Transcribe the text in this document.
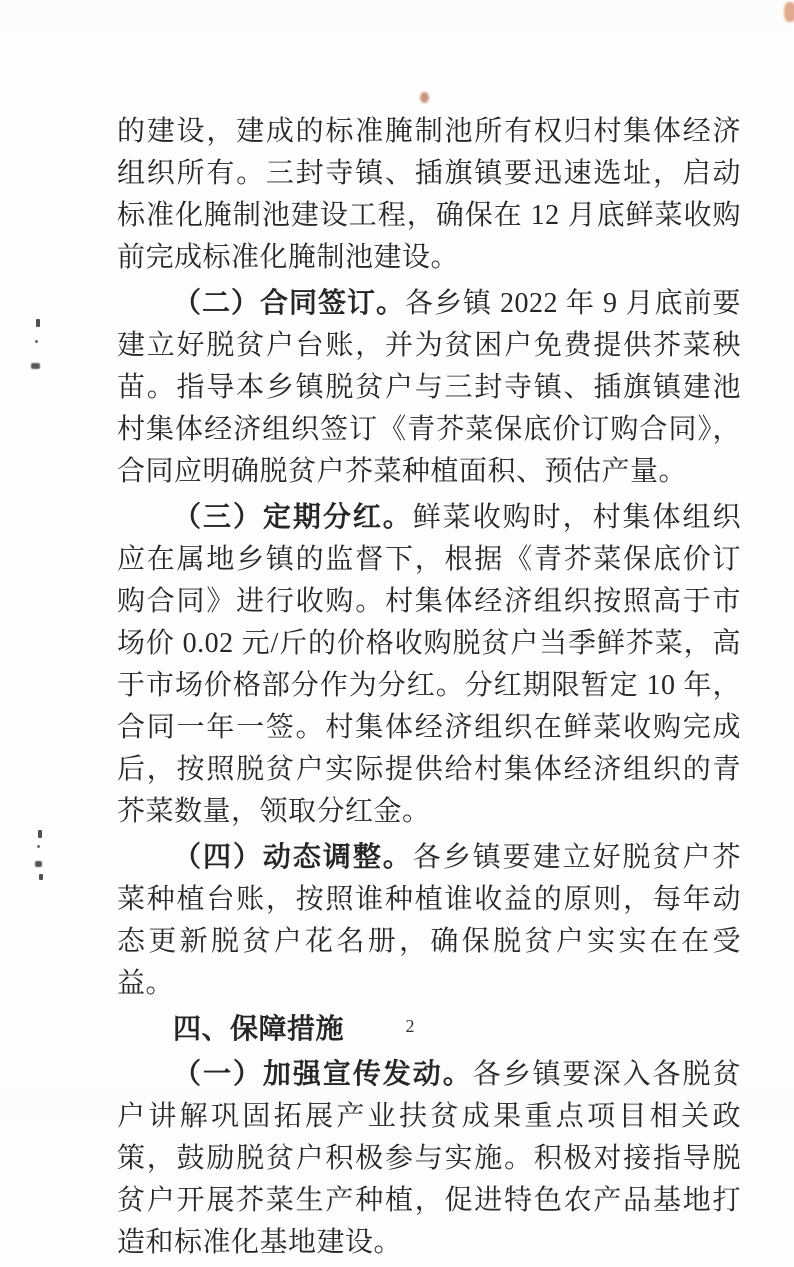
的建设，建成的标准腌制池所有权归村集体经济组织所有。三封寺镇、插旗镇要迅速选址，启动标准化腌制池建设工程，确保在 12 月底鲜菜收购前完成标准化腌制池建设。

（二）合同签订。各乡镇 2022 年 9 月底前要建立好脱贫户台账，并为贫困户免费提供芥菜秧苗。指导本乡镇脱贫户与三封寺镇、插旗镇建池村集体经济组织签订《青芥菜保底价订购合同》，合同应明确脱贫户芥菜种植面积、预估产量。

（三）定期分红。鲜菜收购时，村集体组织应在属地乡镇的监督下，根据《青芥菜保底价订购合同》进行收购。村集体经济组织按照高于市场价 0.02 元/斤的价格收购脱贫户当季鲜芥菜，高于市场价格部分作为分红。分红期限暂定 10 年，合同一年一签。村集体经济组织在鲜菜收购完成后，按照脱贫户实际提供给村集体经济组织的青芥菜数量，领取分红金。

（四）动态调整。各乡镇要建立好脱贫户芥菜种植台账，按照谁种植谁收益的原则，每年动态更新脱贫户花名册，确保脱贫户实实在在受益。

四、保障措施

（一）加强宣传发动。各乡镇要深入各脱贫户讲解巩固拓展产业扶贫成果重点项目相关政策，鼓励脱贫户积极参与实施。积极对接指导脱贫户开展芥菜生产种植，促进特色农产品基地打造和标准化基地建设。

2
